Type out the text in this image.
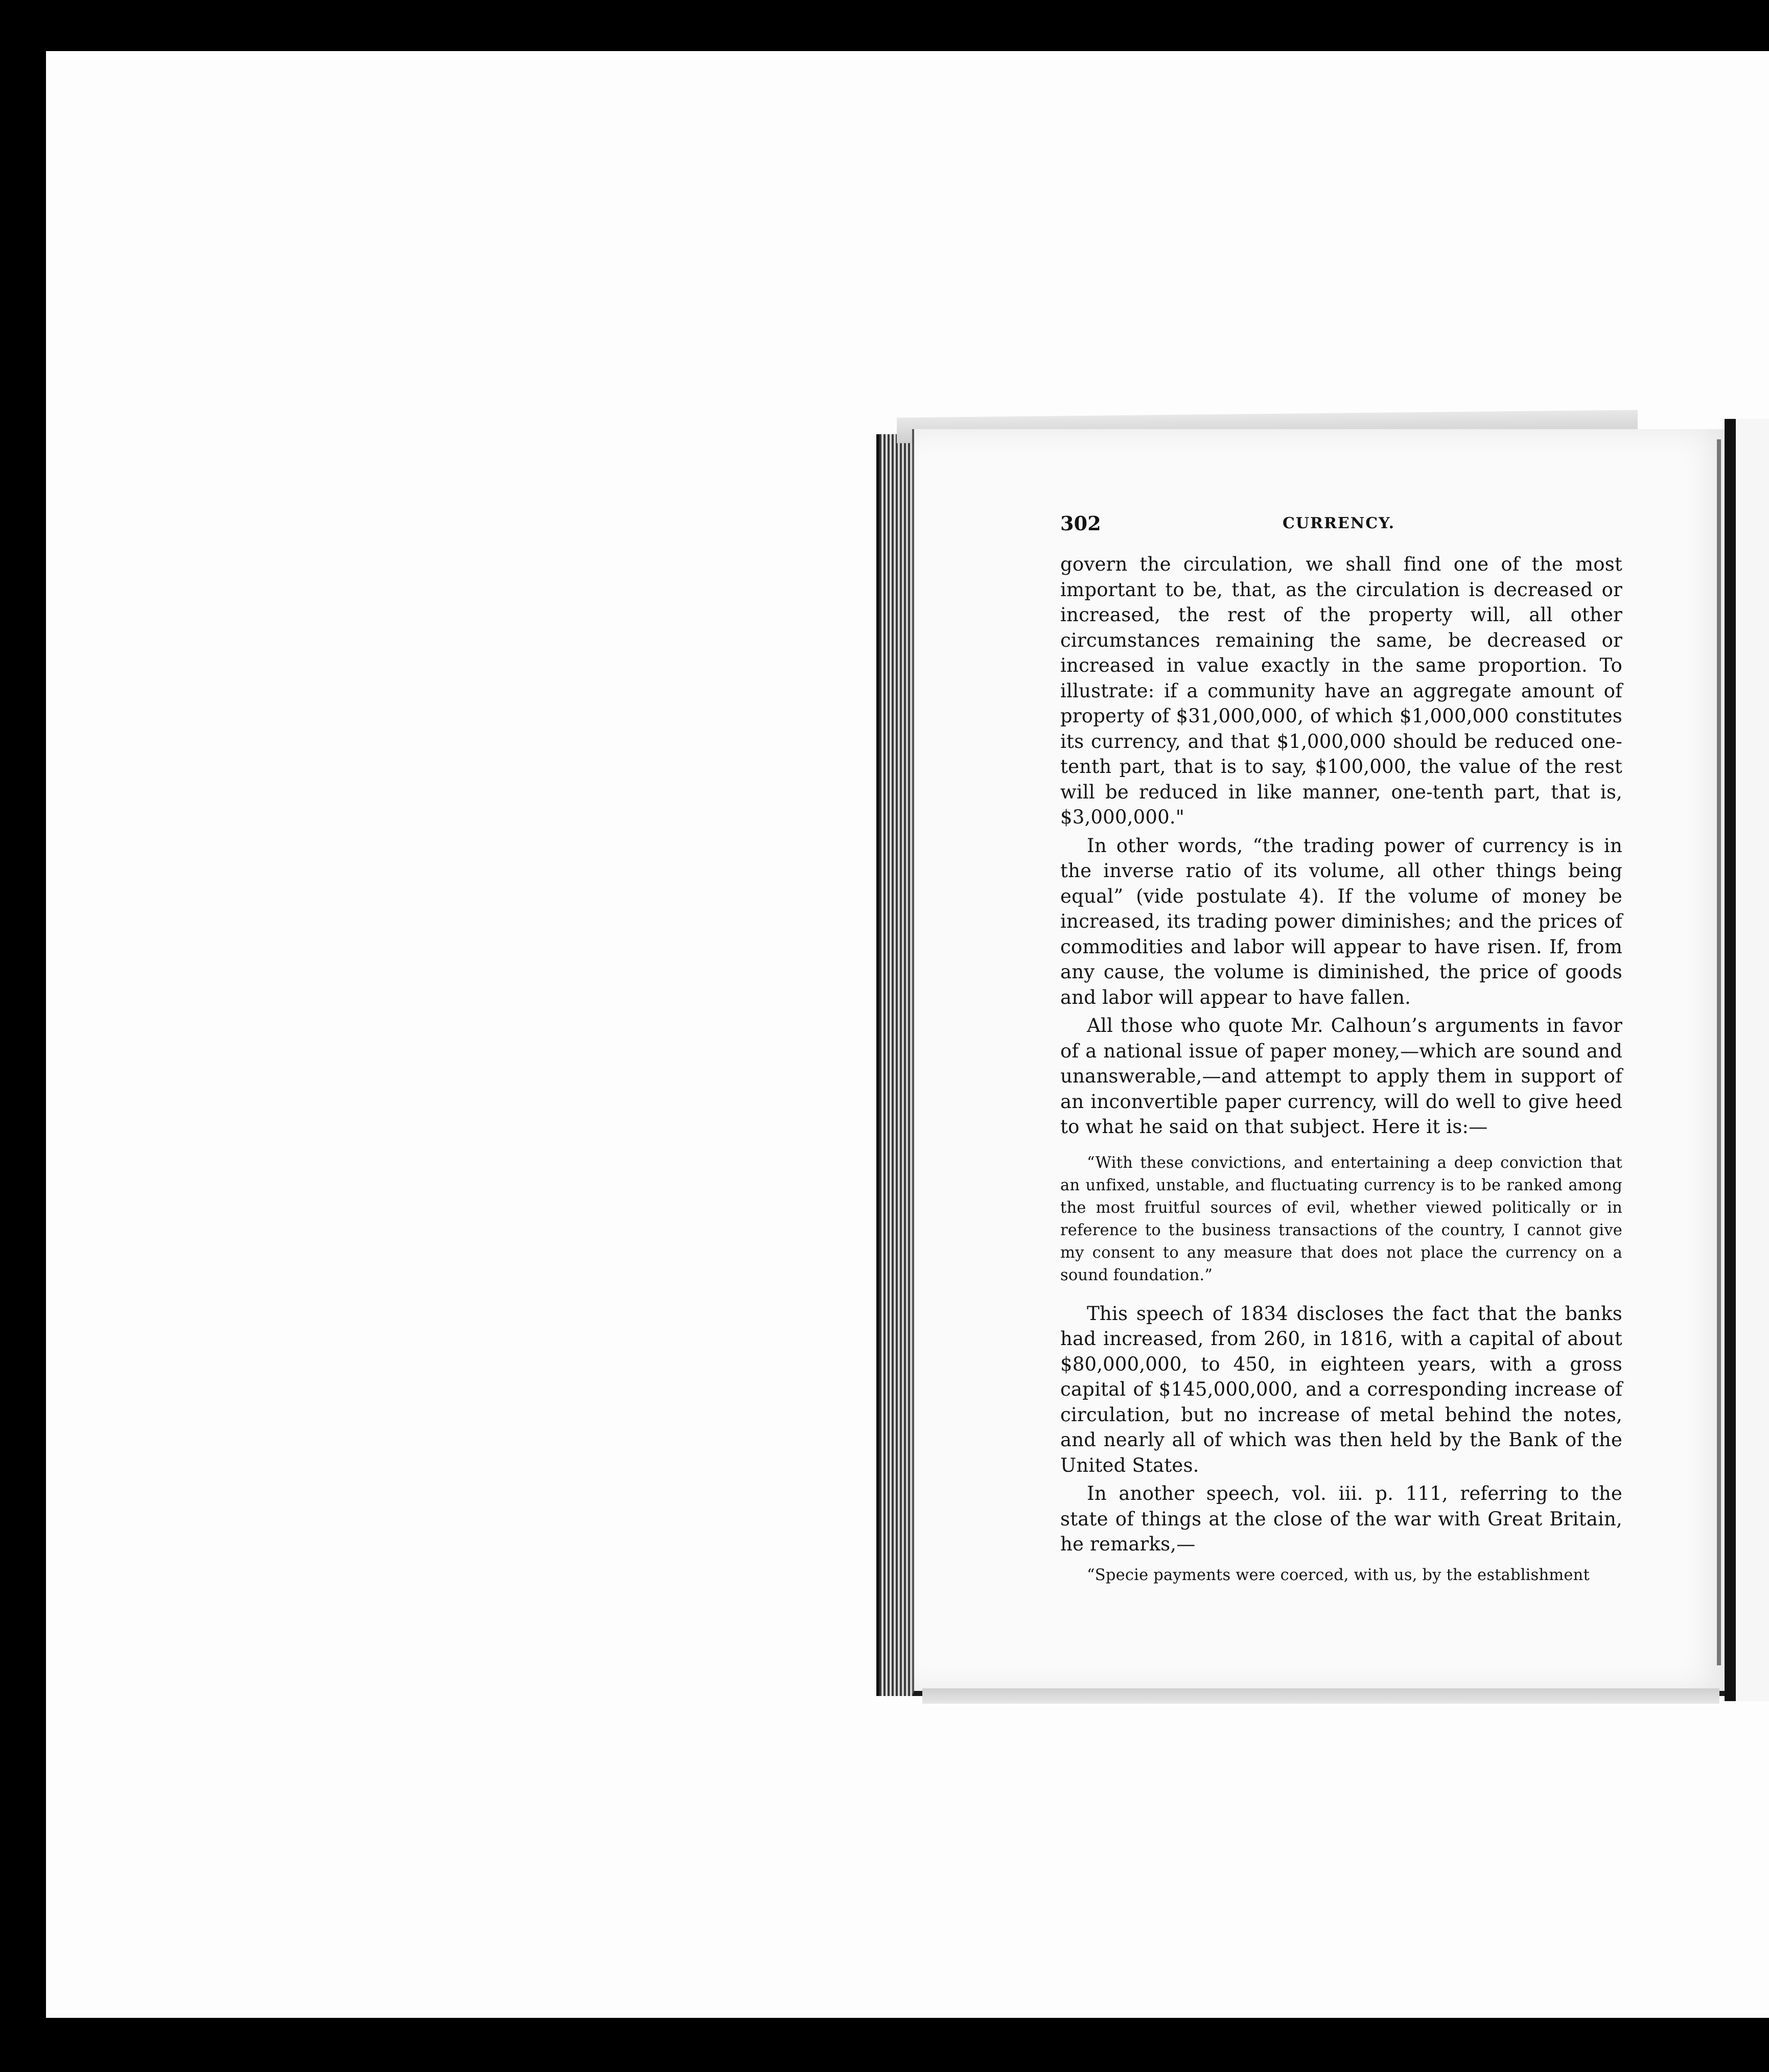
302	CURRENCY.

govern the circulation, we shall find one of the most important to be, that, as the circulation is decreased or increased, the rest of the property will, all other circumstances remaining the same, be decreased or increased in value exactly in the same proportion. To illustrate: if a community have an aggregate amount of property of $31,000,000, of which $1,000,000 constitutes its currency, and that $1,000,000 should be reduced one-tenth part, that is to say, $100,000, the value of the rest will be reduced in like manner, one-tenth part, that is, $3,000,000."

In other words, “the trading power of currency is in the inverse ratio of its volume, all other things being equal” (vide postulate 4). If the volume of money be increased, its trading power diminishes; and the prices of commodities and labor will appear to have risen. If, from any cause, the volume is diminished, the price of goods and labor will appear to have fallen.

All those who quote Mr. Calhoun’s arguments in favor of a national issue of paper money,—which are sound and unanswerable,—and attempt to apply them in support of an inconvertible paper currency, will do well to give heed to what he said on that subject. Here it is:—

“With these convictions, and entertaining a deep conviction that an unfixed, unstable, and fluctuating currency is to be ranked among the most fruitful sources of evil, whether viewed politically or in reference to the business transactions of the country, I cannot give my consent to any measure that does not place the currency on a sound foundation.”

This speech of 1834 discloses the fact that the banks had increased, from 260, in 1816, with a capital of about $80,000,000, to 450, in eighteen years, with a gross capital of $145,000,000, and a corresponding increase of circulation, but no increase of metal behind the notes, and nearly all of which was then held by the Bank of the United States.

In another speech, vol. iii. p. 111, referring to the state of things at the close of the war with Great Britain, he remarks,—

“Specie payments were coerced, with us, by the establishment
